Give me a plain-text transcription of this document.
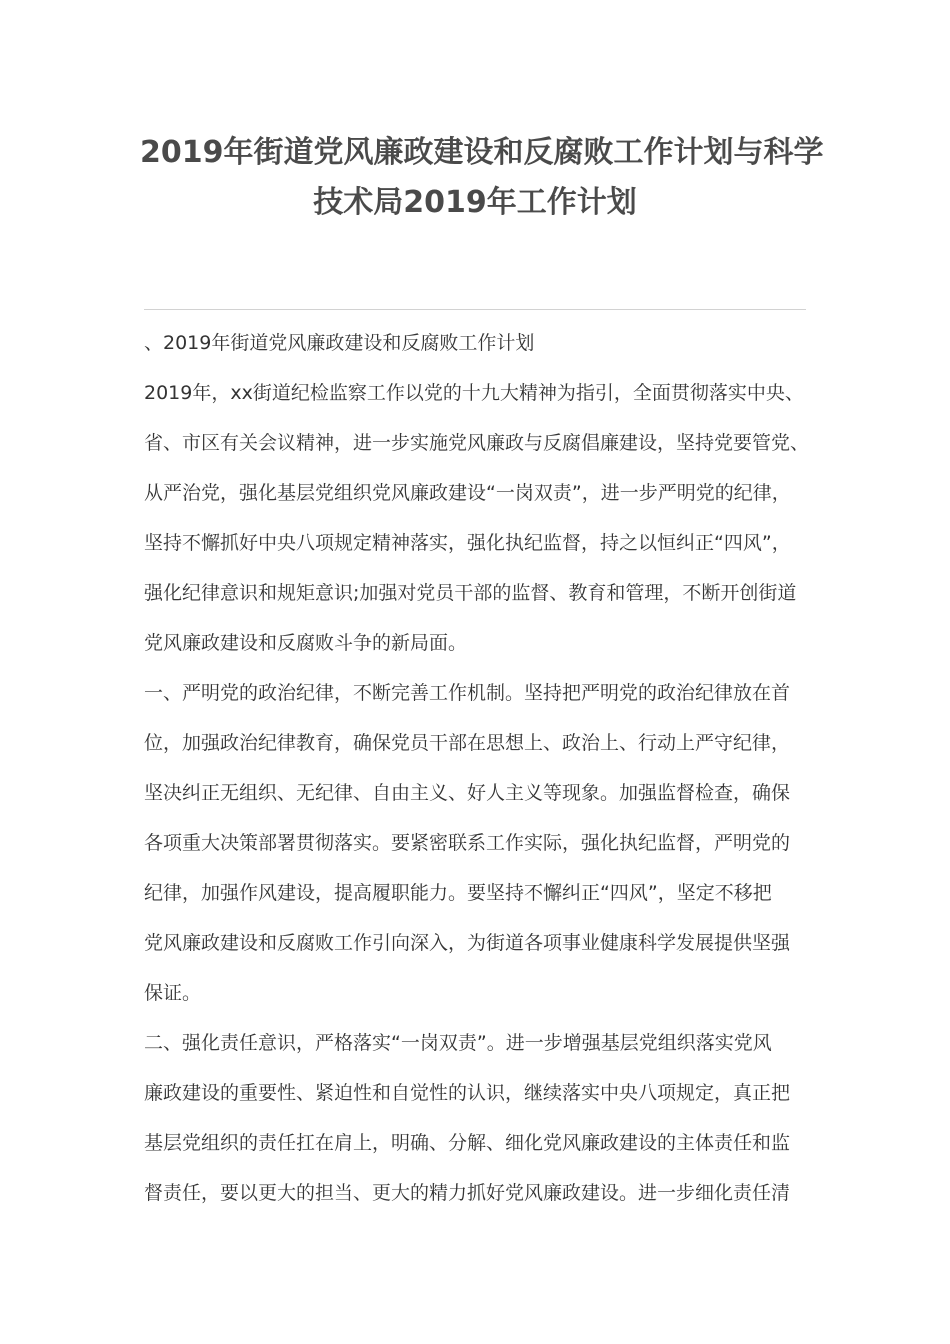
2019年街道党风廉政建设和反腐败工作计划与科学
技术局2019年工作计划

、2019年街道党风廉政建设和反腐败工作计划

2019年，xx街道纪检监察工作以党的十九大精神为指引，全面贯彻落实中央、
省、市区有关会议精神，进一步实施党风廉政与反腐倡廉建设，坚持党要管党、
从严治党，强化基层党组织党风廉政建设“一岗双责”，进一步严明党的纪律，
坚持不懈抓好中央八项规定精神落实，强化执纪监督，持之以恒纠正“四风”，
强化纪律意识和规矩意识;加强对党员干部的监督、教育和管理，不断开创街道
党风廉政建设和反腐败斗争的新局面。

一、严明党的政治纪律，不断完善工作机制。坚持把严明党的政治纪律放在首
位，加强政治纪律教育，确保党员干部在思想上、政治上、行动上严守纪律，
坚决纠正无组织、无纪律、自由主义、好人主义等现象。加强监督检查，确保
各项重大决策部署贯彻落实。要紧密联系工作实际，强化执纪监督，严明党的
纪律，加强作风建设，提高履职能力。要坚持不懈纠正“四风”，坚定不移把
党风廉政建设和反腐败工作引向深入，为街道各项事业健康科学发展提供坚强
保证。

二、强化责任意识，严格落实“一岗双责”。进一步增强基层党组织落实党风
廉政建设的重要性、紧迫性和自觉性的认识，继续落实中央八项规定，真正把
基层党组织的责任扛在肩上，明确、分解、细化党风廉政建设的主体责任和监
督责任，要以更大的担当、更大的精力抓好党风廉政建设。进一步细化责任清
